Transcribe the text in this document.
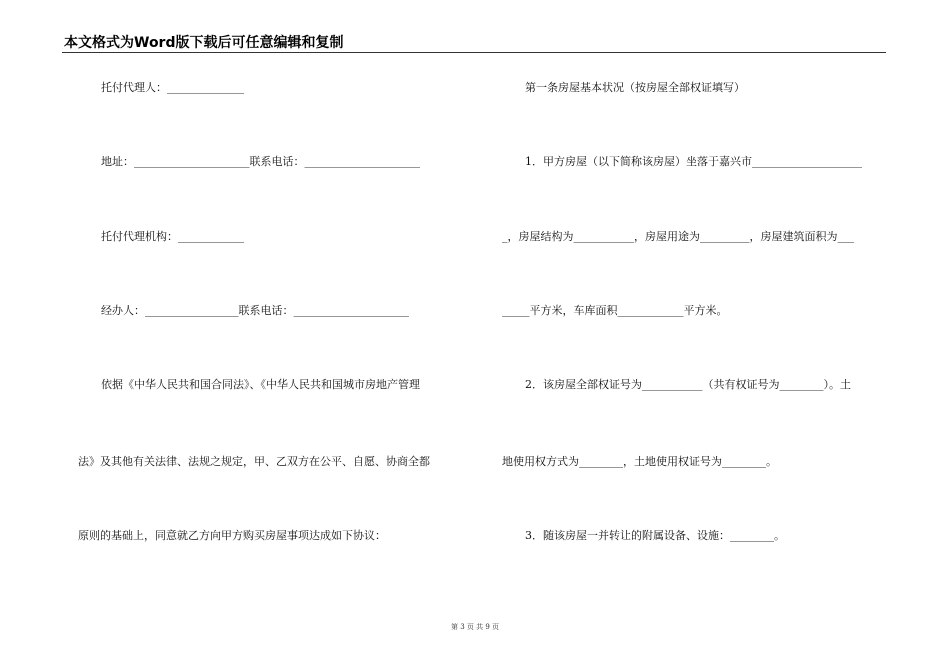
本文格式为Word版下载后可任意编辑和复制
托付代理人：______________
地址：_____________________联系电话：_____________________
托付代理机构：____________
经办人：_________________联系电话：_____________________
依据《中华人民共和国合同法》、《中华人民共和国城市房地产管理
法》及其他有关法律、法规之规定，甲、乙双方在公平、自愿、协商全都
原则的基础上，同意就乙方向甲方购买房屋事项达成如下协议：
第一条房屋基本状况（按房屋全部权证填写）
1．甲方房屋（以下简称该房屋）坐落于嘉兴市____________________
_，房屋结构为___________，房屋用途为_________，房屋建筑面积为___
_____平方米，车库面积____________平方米。
2．该房屋全部权证号为___________（共有权证号为________）。土
地使用权方式为________，土地使用权证号为________。
3．随该房屋一并转让的附属设备、设施：________。
第 3 页 共 9 页
